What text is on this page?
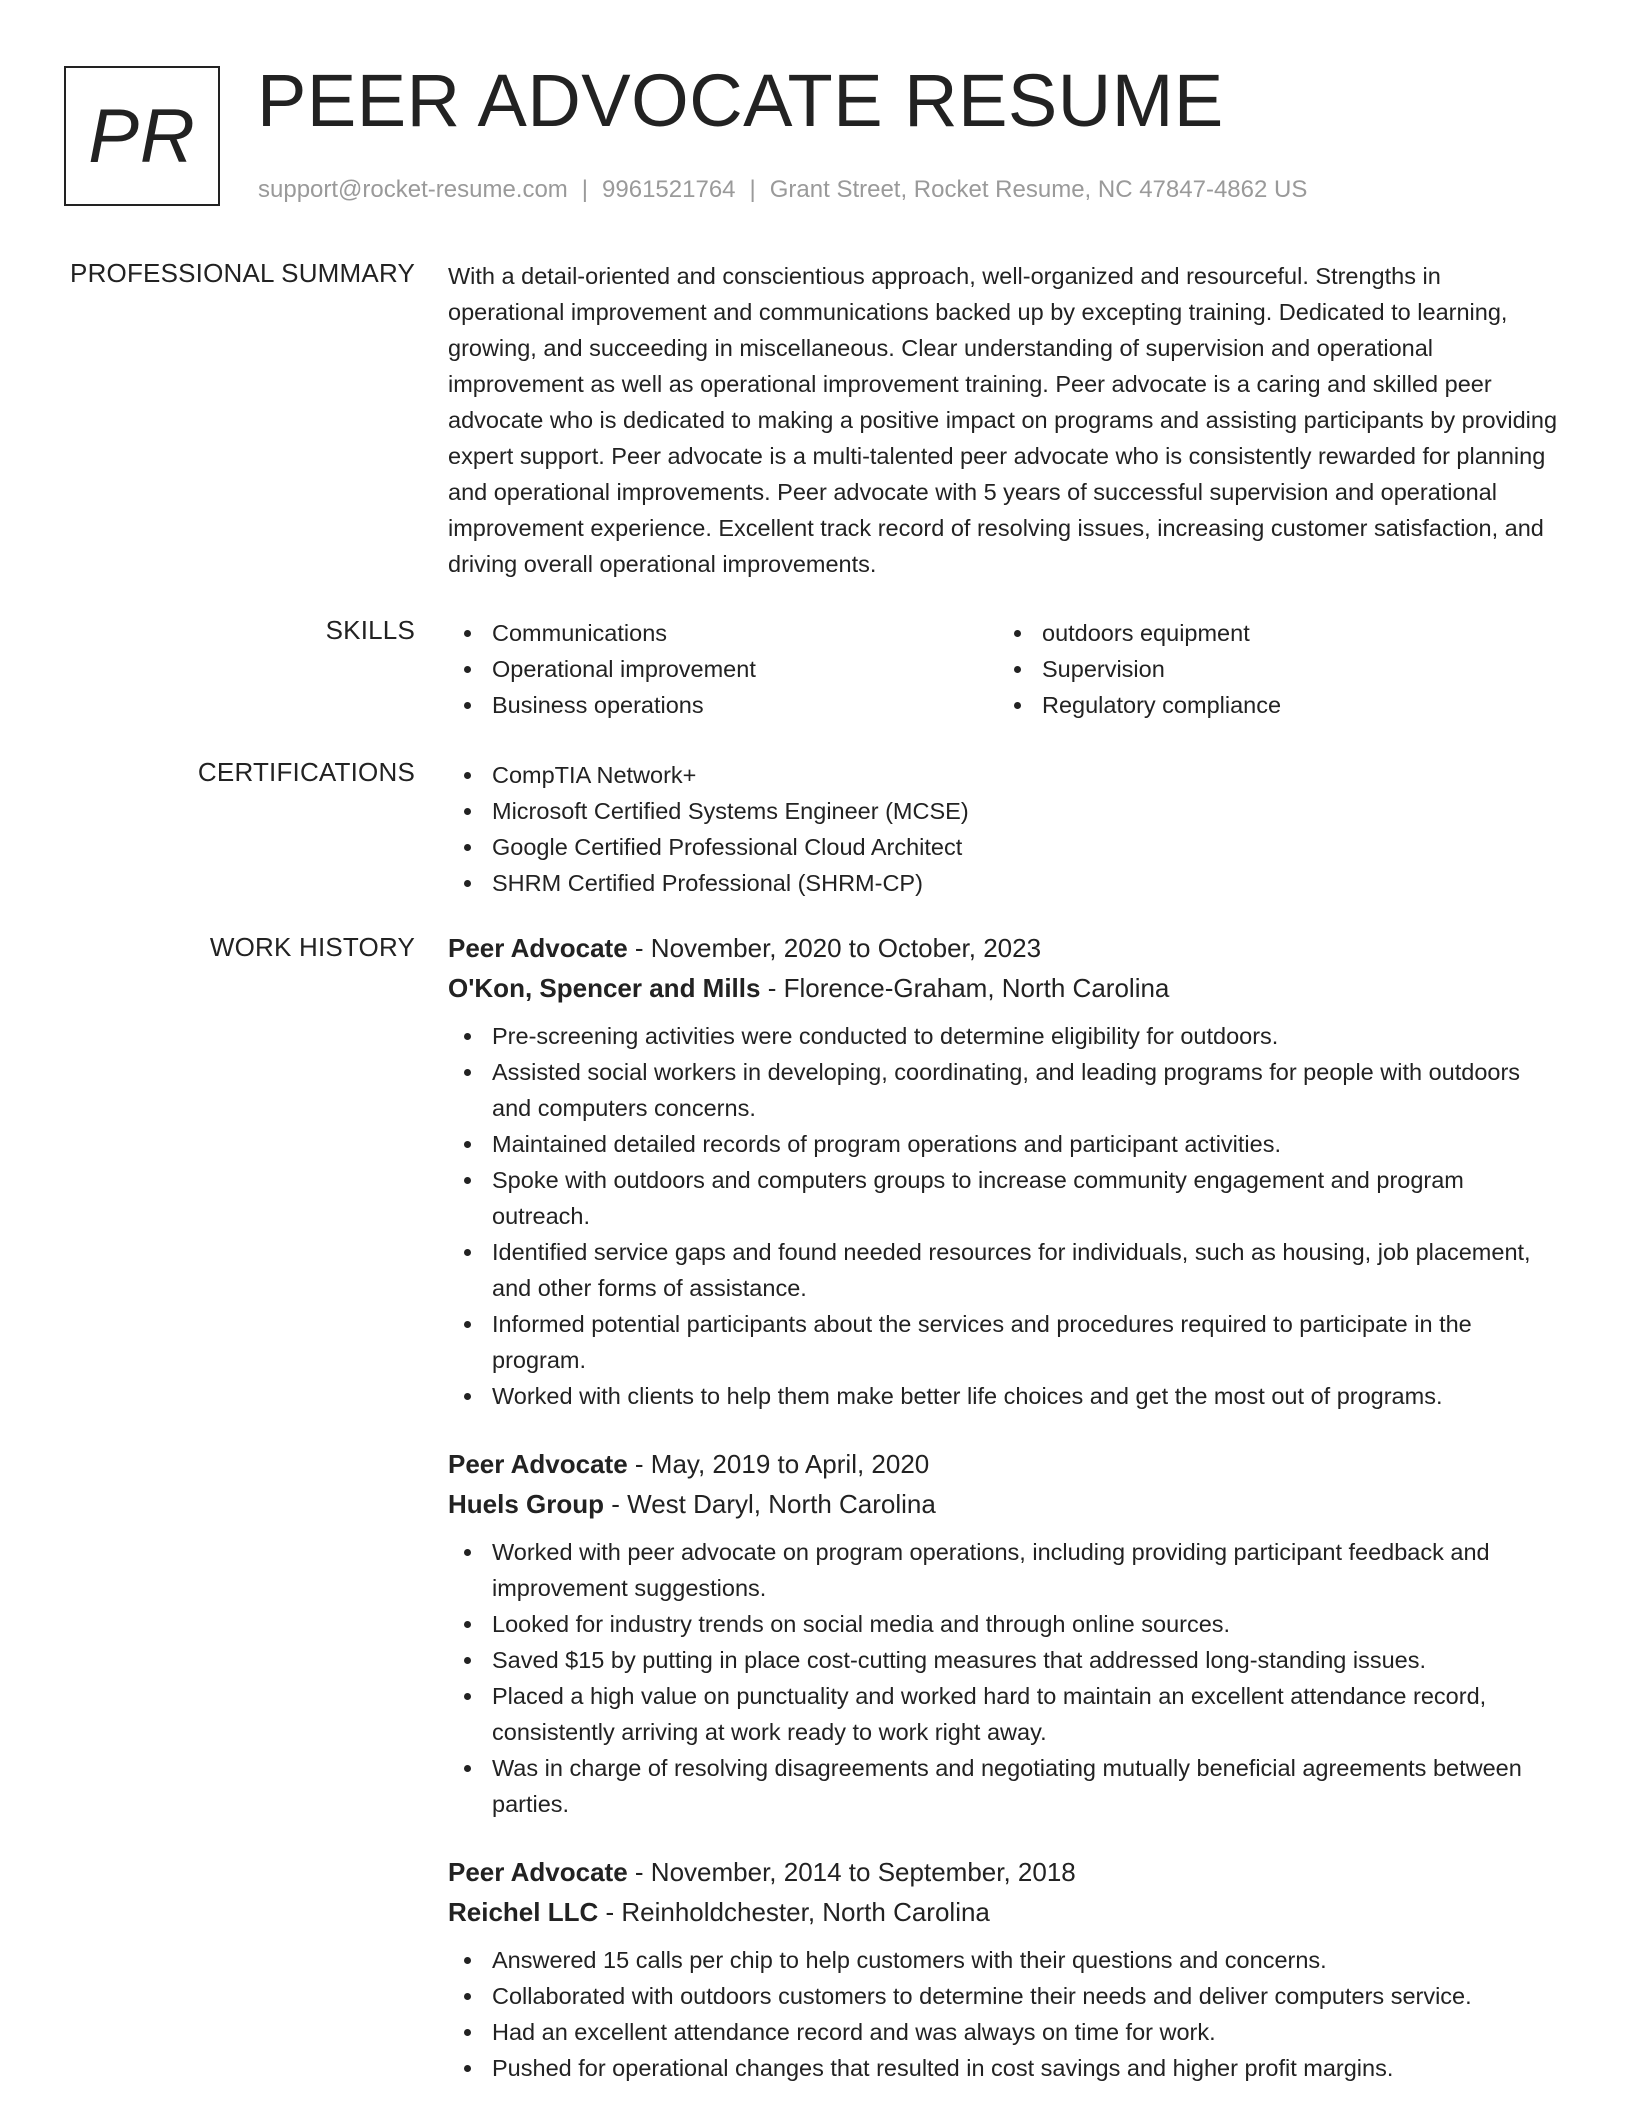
PR PEER ADVOCATE RESUME
support@rocket-resume.com | 9961521764 | Grant Street, Rocket Resume, NC 47847-4862 US
PROFESSIONAL SUMMARY With a detail-oriented and conscientious approach, well-organized and resourceful. Strengths in operational improvement and communications backed up by excepting training. Dedicated to learning, growing, and succeeding in miscellaneous. Clear understanding of supervision and operational improvement as well as operational improvement training. Peer advocate is a caring and skilled peer advocate who is dedicated to making a positive impact on programs and assisting participants by providing expert support. Peer advocate is a multi-talented peer advocate who is consistently rewarded for planning and operational improvements. Peer advocate with 5 years of successful supervision and operational improvement experience. Excellent track record of resolving issues, increasing customer satisfaction, and driving overall operational improvements.

SKILLS	Communications
Operational improvement
Business operations
outdoors equipment
Supervision
Regulatory compliance
CERTIFICATIONS	CompTIA Network+
Microsoft Certified Systems Engineer (MCSE)
Google Certified Professional Cloud Architect
SHRM Certified Professional (SHRM-CP)
WORK HISTORY Peer Advocate - November, 2020 to October, 2023
O'Kon, Spencer and Mills - Florence-Graham, North Carolina
Pre-screening activities were conducted to determine eligibility for outdoors.
Assisted social workers in developing, coordinating, and leading programs for people with outdoors and computers concerns.
Maintained detailed records of program operations and participant activities.
Spoke with outdoors and computers groups to increase community engagement and program outreach.
Identified service gaps and found needed resources for individuals, such as housing, job placement, and other forms of assistance.
Informed potential participants about the services and procedures required to participate in the program.
Worked with clients to help them make better life choices and get the most out of programs.
Peer Advocate - May, 2019 to April, 2020
Huels Group - West Daryl, North Carolina
Worked with peer advocate on program operations, including providing participant feedback and improvement suggestions.
Looked for industry trends on social media and through online sources.
Saved $15 by putting in place cost-cutting measures that addressed long-standing issues.
Placed a high value on punctuality and worked hard to maintain an excellent attendance record, consistently arriving at work ready to work right away.
Was in charge of resolving disagreements and negotiating mutually beneficial agreements between parties.
Peer Advocate - November, 2014 to September, 2018
Reichel LLC - Reinholdchester, North Carolina
Answered 15 calls per chip to help customers with their questions and concerns.
Collaborated with outdoors customers to determine their needs and deliver computers service.
Had an excellent attendance record and was always on time for work.
Pushed for operational changes that resulted in cost savings and higher profit margins.
